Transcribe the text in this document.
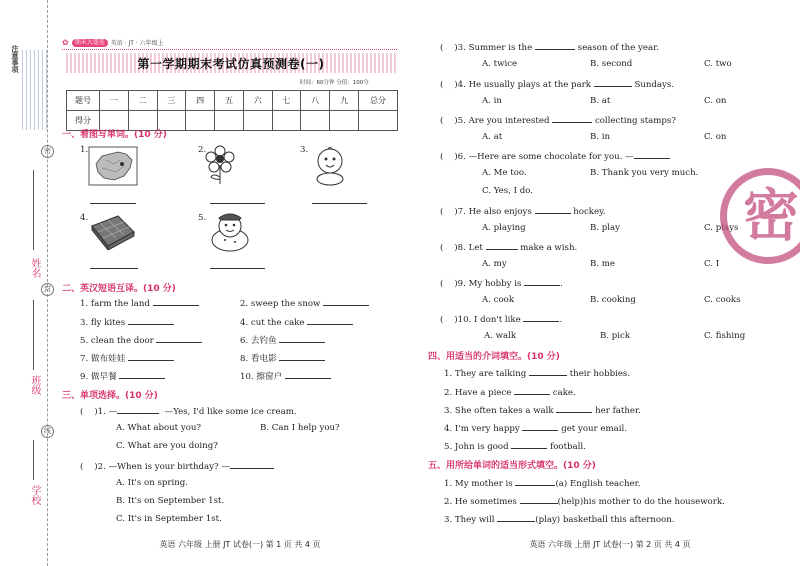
注意事项
密
封
线
姓名
班级
学校
✿	期末大遥选	英语 · JT · 六年级上
第一学期期末考试仿真预测卷(一)
时间：60分钟 分值：100分
题号	一	二	三	四	五	六	七	八	九	总分
得分										
一、看图写单词。(10 分)
1.	2.	3.
4.	5.
二、英汉短语互译。(10 分)
1. farm the land	2. sweep the snow
3. fly kites	4. cut the cake
5. clean the door	6. 去钓鱼
7. 做布娃娃	8. 看电影
9. 做早餐	10. 擦窗户
三、单项选择。(10 分)
(    )1. —	—Yes, I'd like some ice cream.
A. What about you?	B. Can I help you?
C. What are you doing?
(    )2. —When is your birthday? —
A. It's on spring.
B. It's on September 1st.
C. It's in September 1st.
英语 六年级 上册 JT 试卷(一) 第 1 页 共 4 页
(    )3. Summer is the	season of the year.
A. twice	B. second	C. two
(    )4. He usually plays at the park	Sundays.
A. in	B. at	C. on
(    )5. Are you interested	collecting stamps?
A. at	B. in	C. on
(    )6. —Here are some chocolate for you. —
A. Me too.	B. Thank you very much.
C. Yes, I do.
(    )7. He also enjoys	hockey.
A. playing	B. play	C. plays
(    )8. Let	make a wish.
A. my	B. me	C. I
(    )9. My hobby is	.
A. cook	B. cooking	C. cooks
(    )10. I don't like	.
A. walk	B. pick	C. fishing
四、用适当的介词填空。(10 分)
1. They are talking	their hobbies.
2. Have a piece	cake.
3. She often takes a walk	her father.
4. I'm very happy	get your email.
5. John is good	football.
五、用所给单词的适当形式填空。(10 分)
1. My mother is	(a) English teacher.
2. He sometimes	(help)his mother to do the housework.
3. They will	(play) basketball this afternoon.
英语 六年级 上册 JT 试卷(一) 第 2 页 共 4 页
密
